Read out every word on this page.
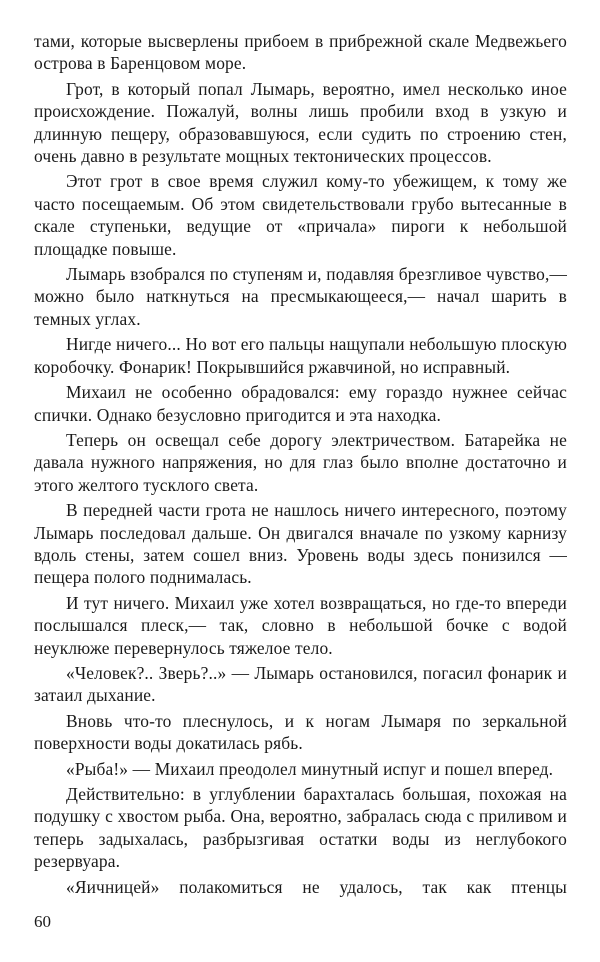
тами, которые высверлены прибоем в прибрежной скале Медвежьего острова в Баренцовом море.

Грот, в который попал Лымарь, вероятно, имел несколько иное происхождение. Пожалуй, волны лишь пробили вход в узкую и длинную пещеру, образовавшуюся, если судить по строению стен, очень давно в результате мощных тектонических процессов.

Этот грот в свое время служил кому-то убежищем, к тому же часто посещаемым. Об этом свидетельствовали грубо вытесанные в скале ступеньки, ведущие от «причала» пироги к небольшой площадке повыше.

Лымарь взобрался по ступеням и, подавляя брезгливое чувство,— можно было наткнуться на пресмыкающееся,— начал шарить в темных углах.

Нигде ничего... Но вот его пальцы нащупали небольшую плоскую коробочку. Фонарик! Покрывшийся ржавчиной, но исправный.

Михаил не особенно обрадовался: ему гораздо нужнее сейчас спички. Однако безусловно пригодится и эта находка.

Теперь он освещал себе дорогу электричеством. Батарейка не давала нужного напряжения, но для глаз было вполне достаточно и этого желтого тусклого света.

В передней части грота не нашлось ничего интересного, поэтому Лымарь последовал дальше. Он двигался вначале по узкому карнизу вдоль стены, затем сошел вниз. Уровень воды здесь понизился — пещера полого поднималась.

И тут ничего. Михаил уже хотел возвращаться, но где-то впереди послышался плеск,— так, словно в небольшой бочке с водой неуклюже перевернулось тяжелое тело.

«Человек?.. Зверь?..» — Лымарь остановился, погасил фонарик и затаил дыхание.

Вновь что-то плеснулось, и к ногам Лымаря по зеркальной поверхности воды докатилась рябь.

«Рыба!» — Михаил преодолел минутный испуг и пошел вперед.

Действительно: в углублении барахталась большая, похожая на подушку с хвостом рыба. Она, вероятно, забралась сюда с приливом и теперь задыхалась, разбрызгивая остатки воды из неглубокого резервуара.

«Яичницей» полакомиться не удалось, так как птенцы

60
